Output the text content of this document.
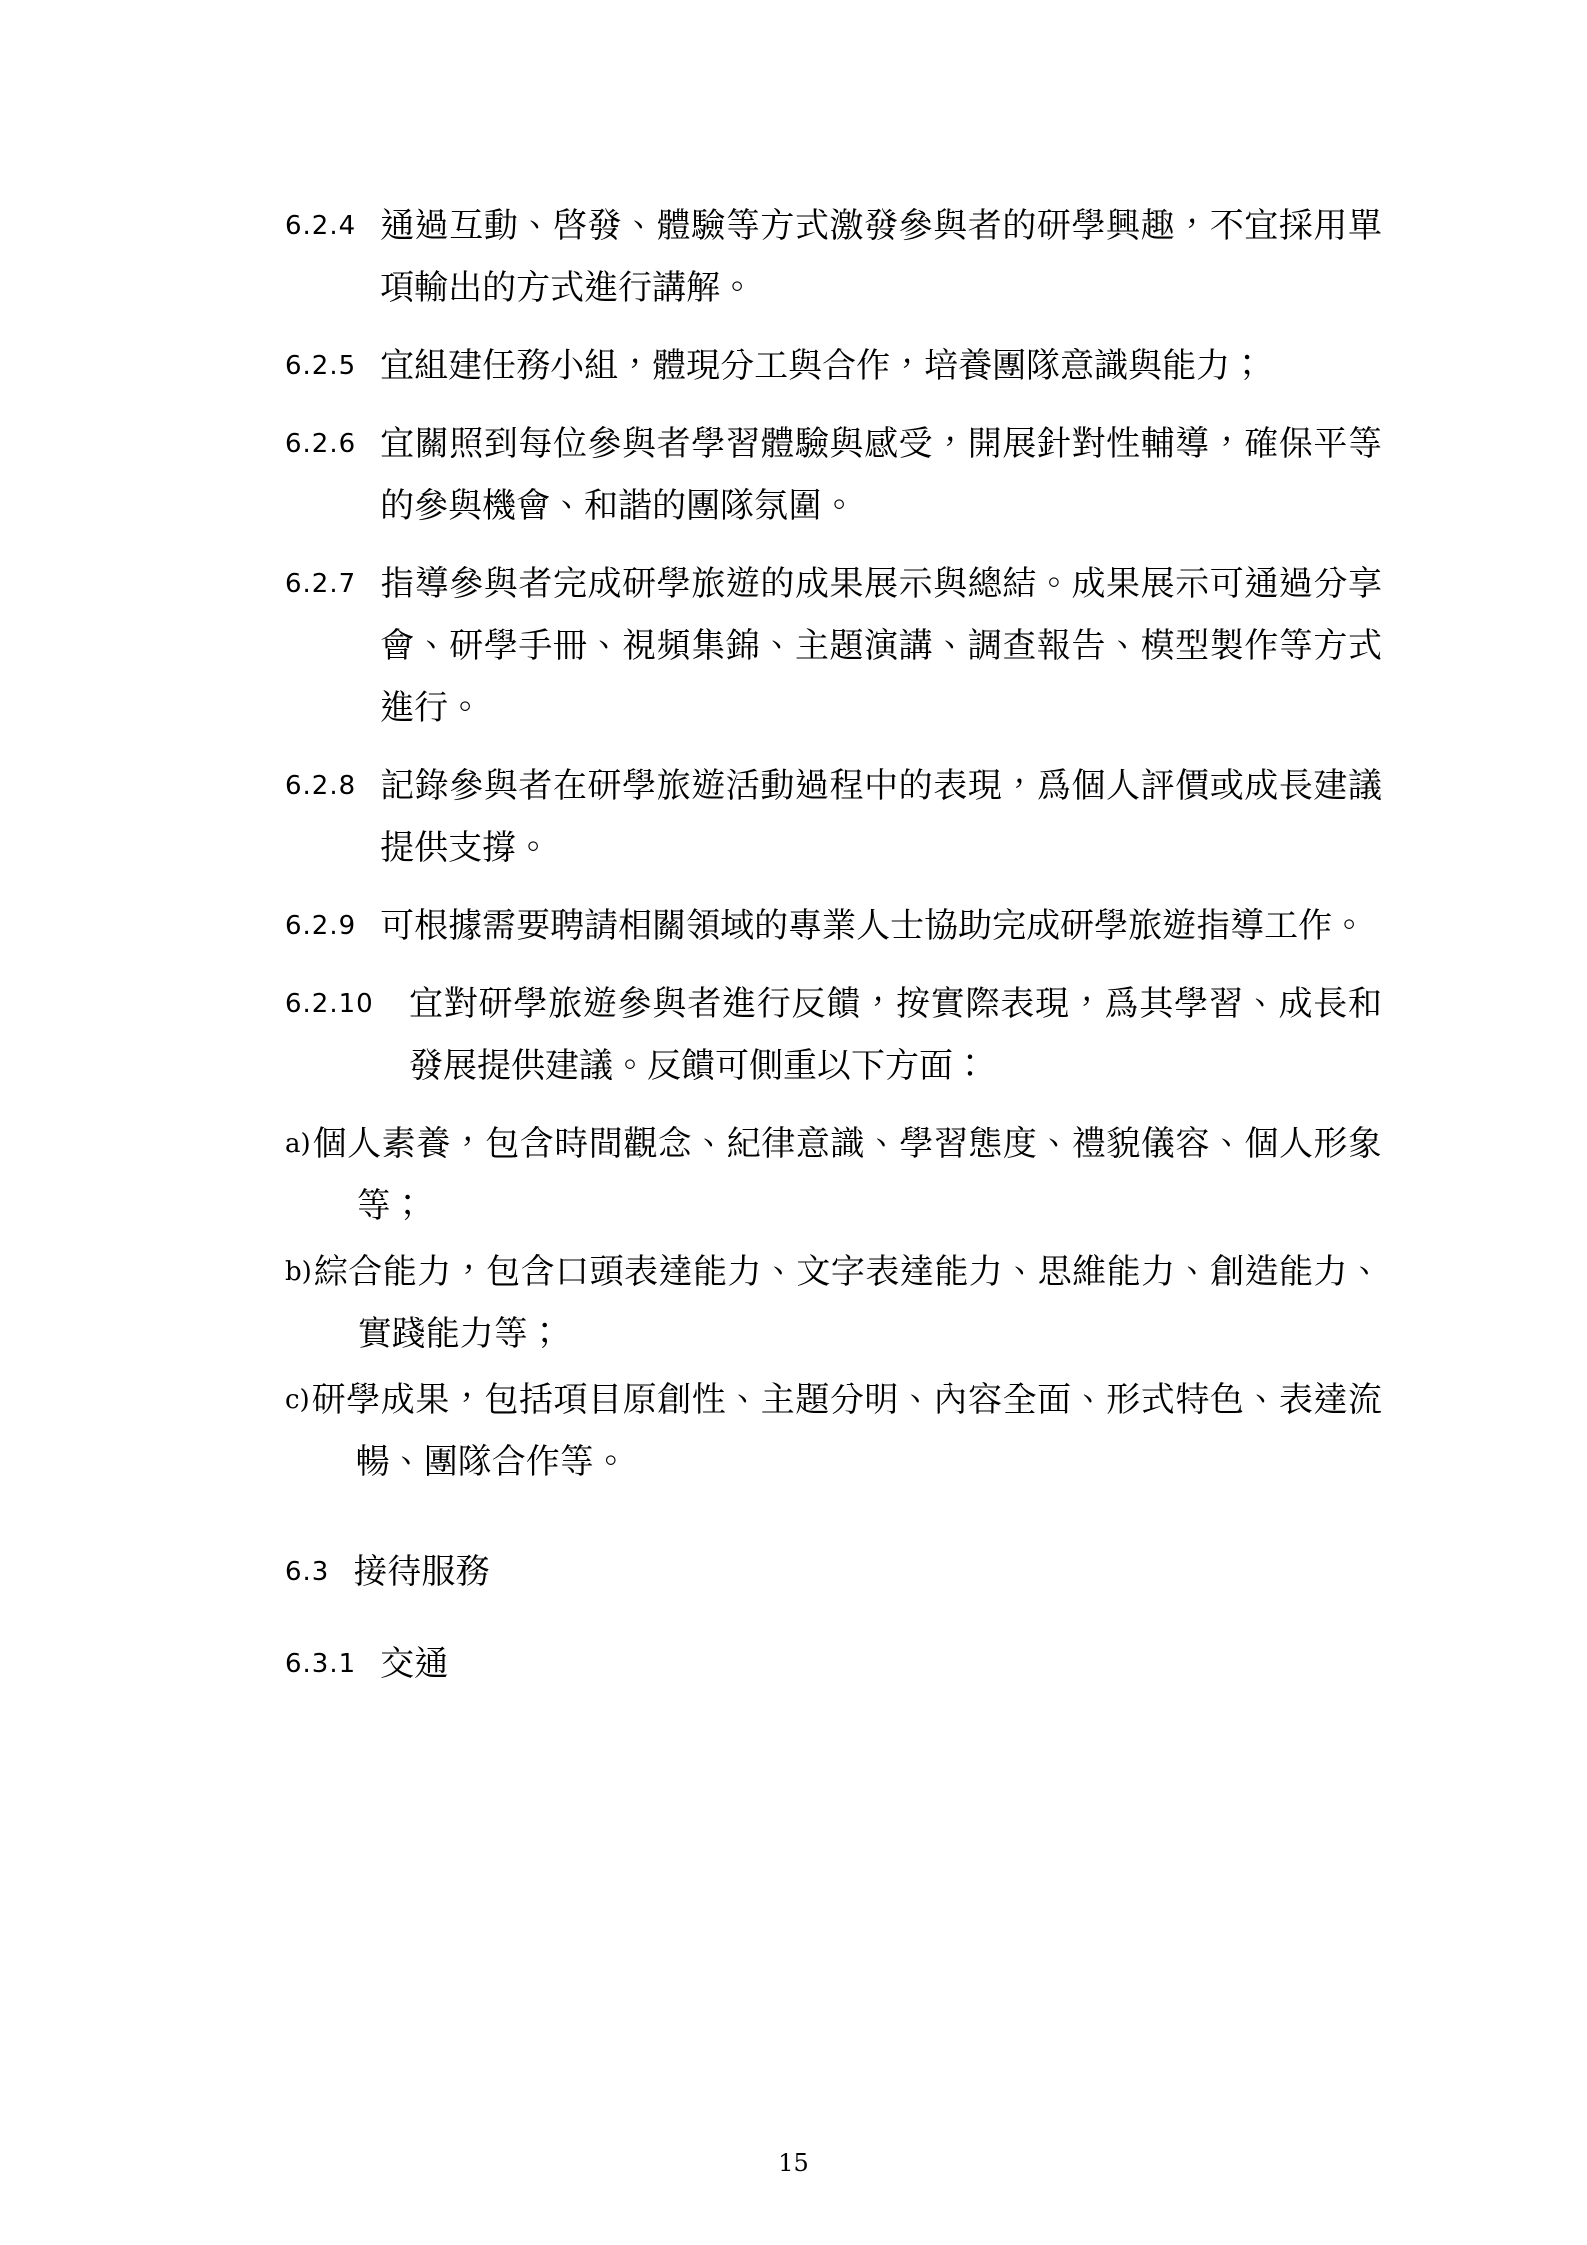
6.2.4 通過互動、啓發、體驗等方式激發參與者的研學興趣，不宜採用單項輸出的方式進行講解。
6.2.5 宜組建任務小組，體現分工與合作，培養團隊意識與能力；
6.2.6 宜關照到每位參與者學習體驗與感受，開展針對性輔導，確保平等的參與機會、和諧的團隊氛圍。
6.2.7 指導參與者完成研學旅遊的成果展示與總結。成果展示可通過分享會、研學手冊、視頻集錦、主題演講、調查報告、模型製作等方式進行。
6.2.8 記錄參與者在研學旅遊活動過程中的表現，爲個人評價或成長建議提供支撐。
6.2.9 可根據需要聘請相關領域的專業人士協助完成研學旅遊指導工作。
6.2.10	宜對研學旅遊參與者進行反饋，按實際表現，爲其學習、成長和發展提供建議。反饋可側重以下方面：
a) 個人素養，包含時間觀念、紀律意識、學習態度、禮貌儀容、個人形象等；
b) 綜合能力，包含口頭表達能力、文字表達能力、思維能力、創造能力、實踐能力等；
c) 研學成果，包括項目原創性、主題分明、內容全面、形式特色、表達流暢、團隊合作等。
6.3 接待服務
6.3.1 交通
15
